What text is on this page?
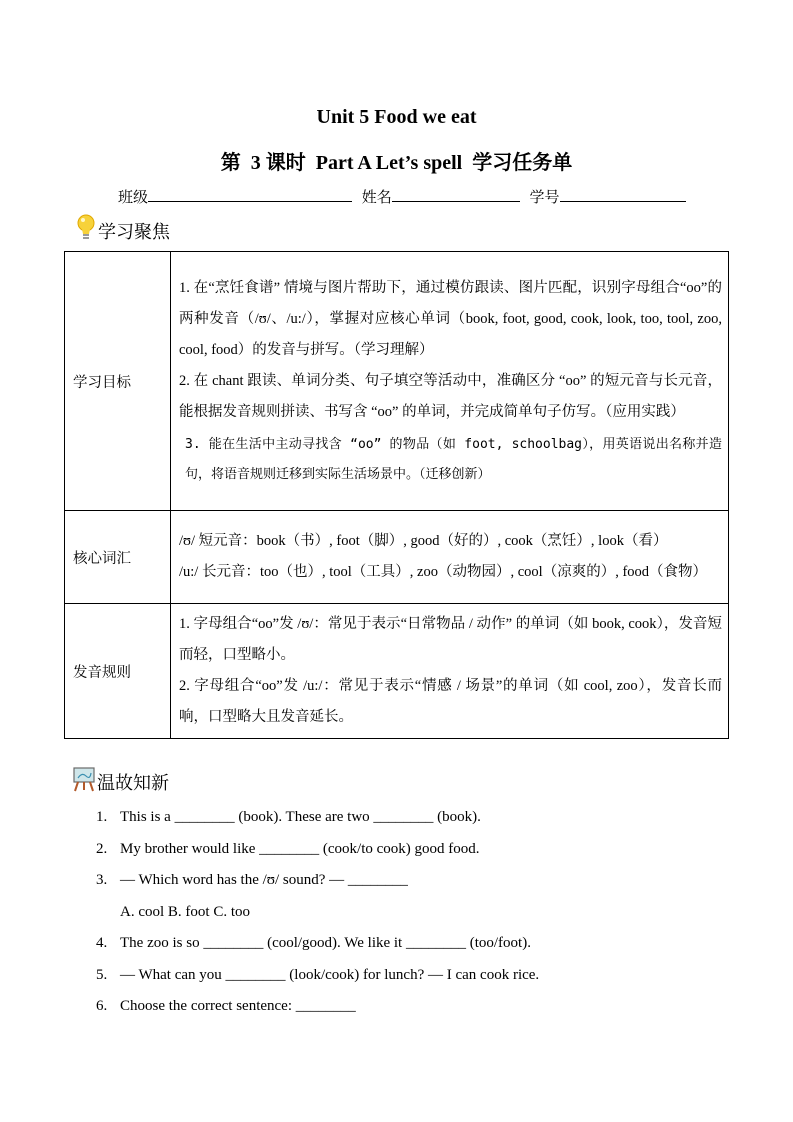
Unit 5 Food we eat
第  3 课时  Part A Let’s spell  学习任务单
班级	姓名	学号
学习聚焦
学习目标	1. 在“烹饪食谱” 情境与图片帮助下，通过模仿跟读、图片匹配，识别字母组合“oo”的两种发音（/ʊ/、/u:/），掌握对应核心单词（book, foot, good, cook, look, too, tool, zoo, cool, food）的发音与拼写。（学习理解）
2. 在 chant 跟读、单词分类、句子填空等活动中，准确区分 “oo” 的短元音与长元音，能根据发音规则拼读、书写含 “oo” 的单词，并完成简单句子仿写。（应用实践）
3. 能在生活中主动寻找含 “oo” 的物品（如 foot, schoolbag），用英语说出名称并造句，将语音规则迁移到实际生活场景中。（迁移创新）

核心词汇	/ʊ/ 短元音：book（书）, foot（脚）, good（好的）, cook（烹饪）, look（看）
/u:/ 长元音：too（也）, tool（工具）, zoo（动物园）, cool（凉爽的）, food（食物）

发音规则	1. 字母组合“oo”发 /ʊ/：常见于表示“日常物品 / 动作” 的单词（如 book, cook），发音短而轻，口型略小。
2. 字母组合“oo”发 /u:/：常见于表示“情感 / 场景”的单词（如 cool, zoo），发音长而响，口型略大且发音延长。
温故知新
1. This is a ________ (book). These are two ________ (book).
2. My brother would like ________ (cook/to cook) good food.
3. — Which word has the /ʊ/ sound? — ________
A. cool B. foot C. too
4. The zoo is so ________ (cool/good). We like it ________ (too/foot).
5. — What can you ________ (look/cook) for lunch? — I can cook rice.
6. Choose the correct sentence: ________
